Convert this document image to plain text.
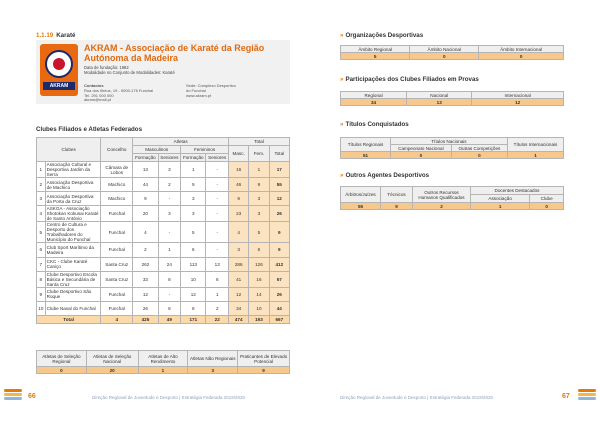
1.1.19 Karaté
AKRAM
AKRAM - Associação de Karaté da Região Autónoma da Madeira
Data de fundação: 1982
Modalidade no Conjunto de Modalidades: Karaté
Contactos
Rua dos Ilhéus, 19 - 9000-176 Funchal
Tel. 291 000 000
akram@mail.pt
Sede: Complexo Desportivo
do Funchal
www.akram.pt
Clubes Filiados e Atletas Federados
Clubes		Concelho	Atletas				Total		
			Masculinos		Femininos		Masc.	Fem.	Total
			Formação	Seniores	Formação	Seniores			
1	Associação Cultural e Desportiva Jardim da Serra	Câmara de Lobos	13	3	1	-	16	1	17
2	Associação Desportiva de Machico	Machico	44	2	9	-	46	9	55
3	Associação Desportiva da Porta da Cruz	Machico	9	-	3	-	9	3	12
4	ASKGA - Associação Shotokan Kokusai Karaté de Santo António	Funchal	20	3	3	-	23	3	26
5	Centro de Cultura e Desporto dos Trabalhadores do Município do Funchal	Funchal	4	-	5	-	4	5	9
6	Club Sport Marítimo da Madeira	Funchal	2	1	6	-	3	6	9
7	CKC - Clube Karaté Caniço	Santa Cruz	262	24	113	13	286	126	412
8	Clube Desportivo Escola Básica e Secundária de Santa Cruz	Santa Cruz	33	8	10	6	41	16	57
9	Clube Desportivo São Roque	Funchal	12	-	12	1	12	14	26
10	Clube Naval do Funchal	Funchal	26	8	8	2	34	10	44
Total		4	425	49	171	22	474	193	667
Atletas de Seleção Regional	Atletas de Seleção Nacional	Atletas de Alto Rendimento	Atletas Não Regionais	Praticantes de Elevado Potencial
0	20	1	3	9
66	Direção Regional de Juventude e Desporto | Estratégia Federada 2019/2020
» Organizações Desportivas
Âmbito Regional	Âmbito Nacional	Âmbito Internacional
5	0	0
» Participações dos Clubes Filiados em Provas
Regional	Nacional	Internacional
34	13	12
» Títulos Conquistados
Títulos Regionais	Títulos Nacionais		Títulos Internacionais
	Campeonato Nacional	Outras Competições	
51	0	0	1
» Outros Agentes Desportivos
Árbitros/Juízes	Técnicos	Outros Recursos Humanos Qualificados	Docentes Destacados	
			Associação	Clube
55	9	2	1	0
Direção Regional de Juventude e Desporto | Estratégia Federada 2019/2020	67
